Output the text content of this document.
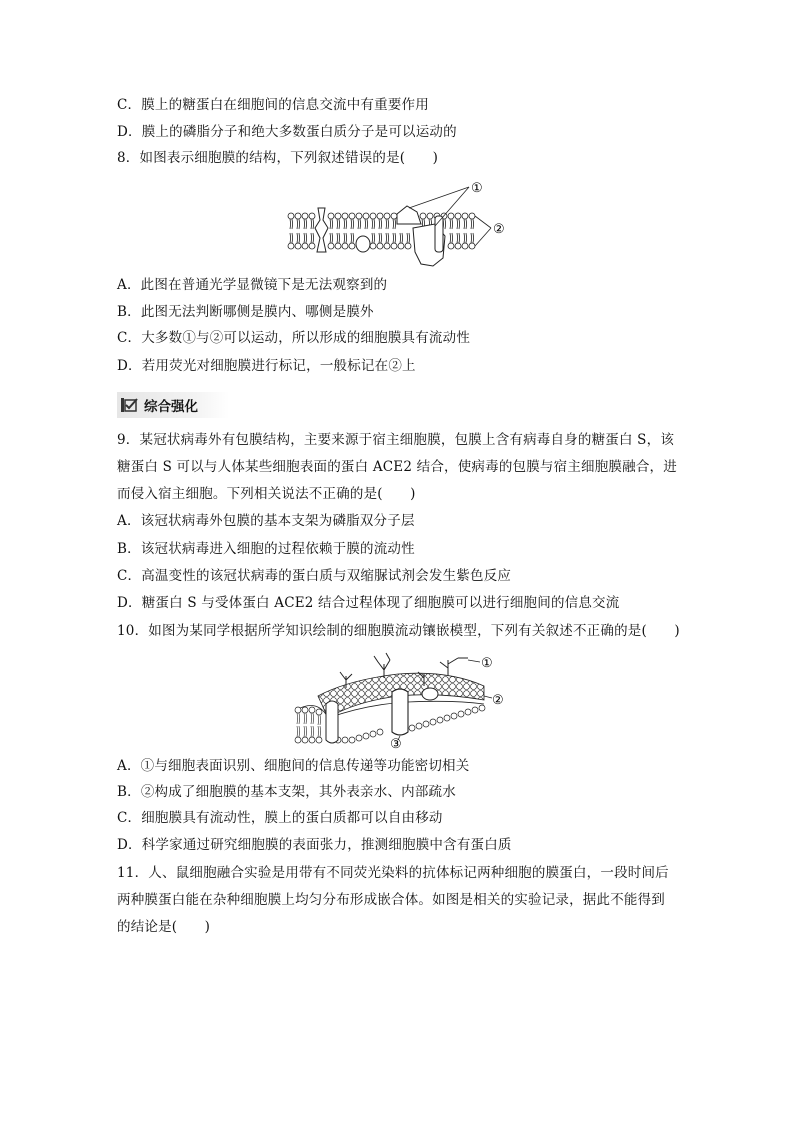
C．膜上的糖蛋白在细胞间的信息交流中有重要作用
D．膜上的磷脂分子和绝大多数蛋白质分子是可以运动的
8．如图表示细胞膜的结构，下列叙述错误的是(　　)
①
②
A．此图在普通光学显微镜下是无法观察到的
B．此图无法判断哪侧是膜内、哪侧是膜外
C．大多数①与②可以运动，所以形成的细胞膜具有流动性
D．若用荧光对细胞膜进行标记，一般标记在②上
综合强化
9．某冠状病毒外有包膜结构，主要来源于宿主细胞膜，包膜上含有病毒自身的糖蛋白 S，该
糖蛋白 S 可以与人体某些细胞表面的蛋白 ACE2 结合，使病毒的包膜与宿主细胞膜融合，进
而侵入宿主细胞。下列相关说法不正确的是(　　)
A．该冠状病毒外包膜的基本支架为磷脂双分子层
B．该冠状病毒进入细胞的过程依赖于膜的流动性
C．高温变性的该冠状病毒的蛋白质与双缩脲试剂会发生紫色反应
D．糖蛋白 S 与受体蛋白 ACE2 结合过程体现了细胞膜可以进行细胞间的信息交流
10．如图为某同学根据所学知识绘制的细胞膜流动镶嵌模型，下列有关叙述不正确的是(　　)
①
②
③
A．①与细胞表面识别、细胞间的信息传递等功能密切相关
B．②构成了细胞膜的基本支架，其外表亲水、内部疏水
C．细胞膜具有流动性，膜上的蛋白质都可以自由移动
D．科学家通过研究细胞膜的表面张力，推测细胞膜中含有蛋白质
11．人、鼠细胞融合实验是用带有不同荧光染料的抗体标记两种细胞的膜蛋白，一段时间后
两种膜蛋白能在杂种细胞膜上均匀分布形成嵌合体。如图是相关的实验记录，据此不能得到
的结论是(　　)
